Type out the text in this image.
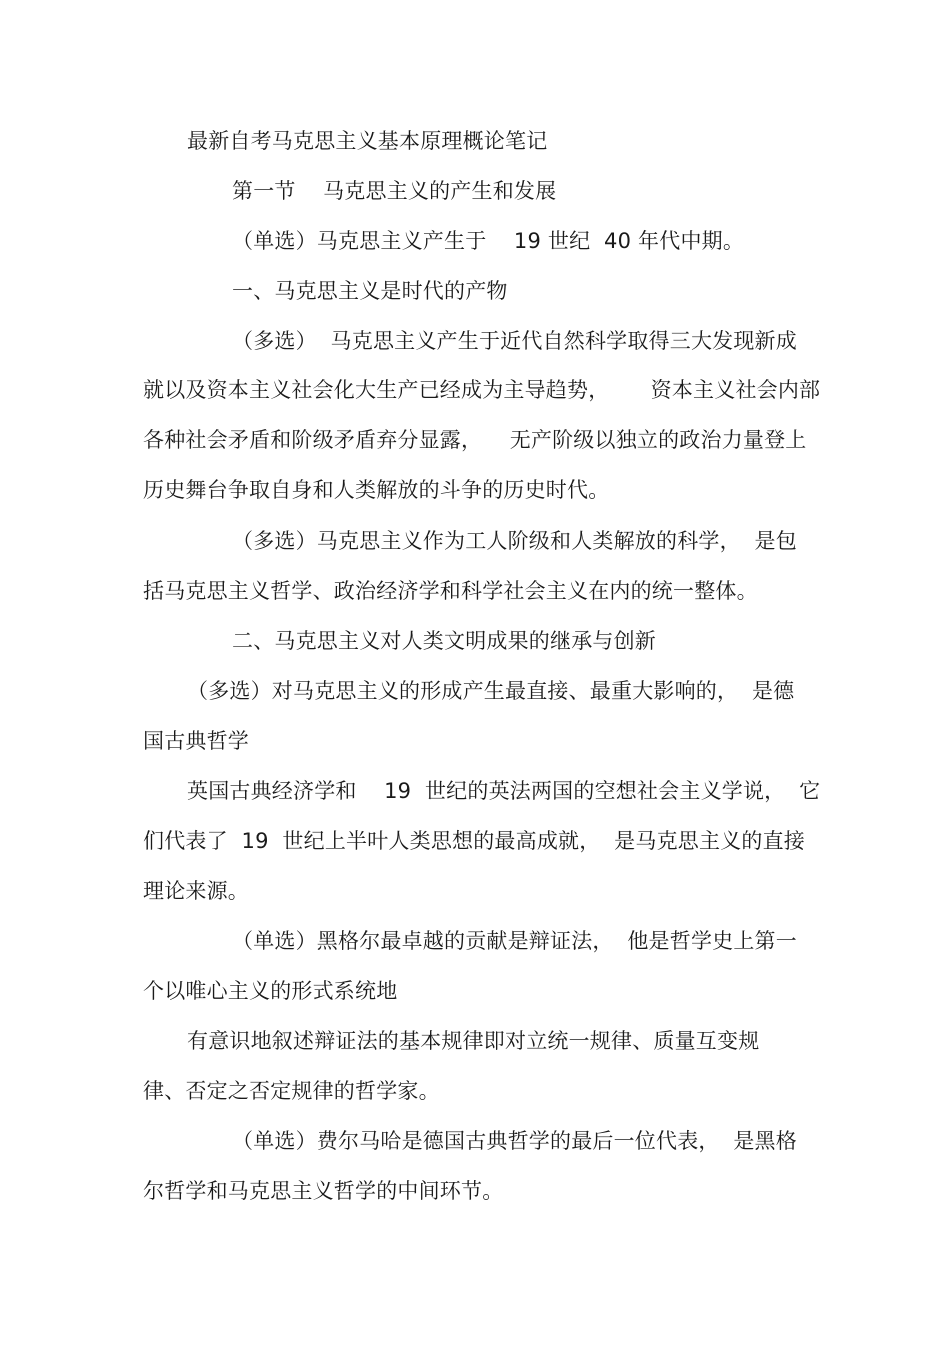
最新自考马克思主义基本原理概论笔记
第一节    马克思主义的产生和发展
（单选）马克思主义产生于    19 世纪  40 年代中期。
一、马克思主义是时代的产物
（多选）  马克思主义产生于近代自然科学取得三大发现新成
就以及资本主义社会化大生产已经成为主导趋势，      资本主义社会内部
各种社会矛盾和阶级矛盾弃分显露，    无产阶级以独立的政治力量登上
历史舞台争取自身和人类解放的斗争的历史时代。
（多选）马克思主义作为工人阶级和人类解放的科学，  是包
括马克思主义哲学、政治经济学和科学社会主义在内的统一整体。
二、马克思主义对人类文明成果的继承与创新
（多选）对马克思主义的形成产生最直接、最重大影响的，  是德
国古典哲学
英国古典经济学和    19  世纪的英法两国的空想社会主义学说，  它
们代表了  19  世纪上半叶人类思想的最高成就，  是马克思主义的直接
理论来源。
（单选）黑格尔最卓越的贡献是辩证法，  他是哲学史上第一
个以唯心主义的形式系统地
有意识地叙述辩证法的基本规律即对立统一规律、质量互变规
律、否定之否定规律的哲学家。
（单选）费尔马哈是德国古典哲学的最后一位代表，  是黑格
尔哲学和马克思主义哲学的中间环节。
